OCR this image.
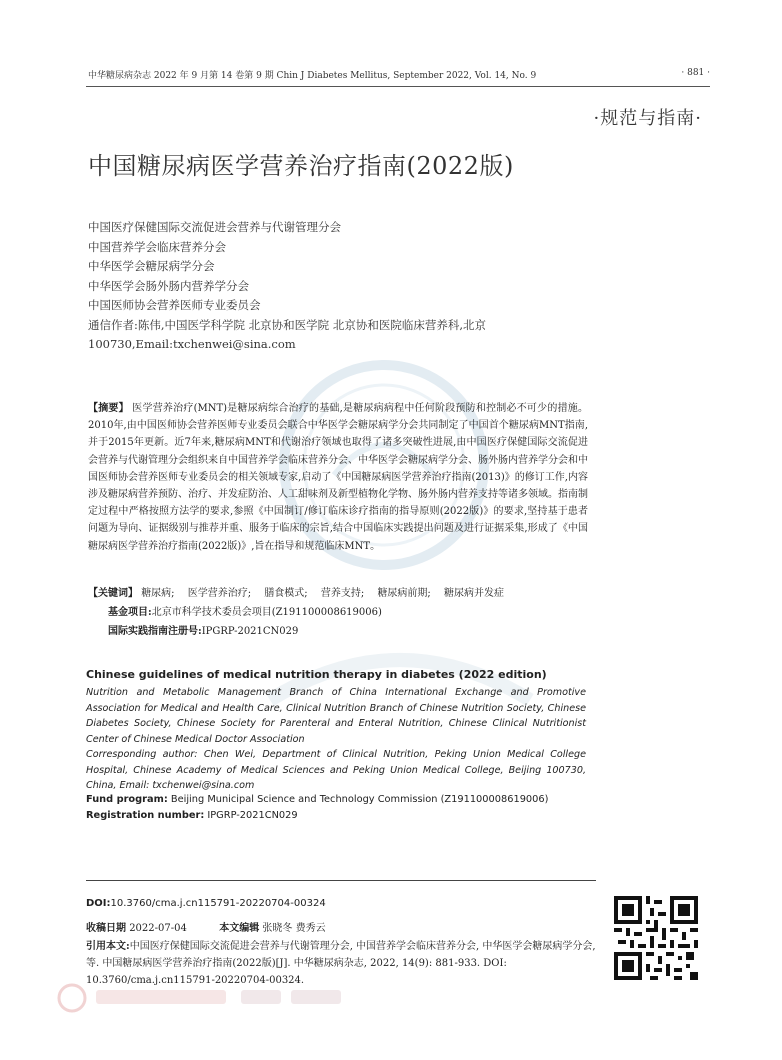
中华糖尿病杂志 2022 年 9 月第 14 卷第 9 期 Chin J Diabetes Mellitus, September 2022, Vol. 14, No. 9	· 881 ·
·规范与指南·
中国糖尿病医学营养治疗指南(2022版)
中国医疗保健国际交流促进会营养与代谢管理分会
中国营养学会临床营养分会
中华医学会糖尿病学分会
中华医学会肠外肠内营养学分会
中国医师协会营养医师专业委员会
通信作者:陈伟,中国医学科学院 北京协和医学院 北京协和医院临床营养科,北京 100730,Email:txchenwei@sina.com
【摘要】 医学营养治疗(MNT)是糖尿病综合治疗的基础,是糖尿病病程中任何阶段预防和控制必不可少的措施。2010年,由中国医师协会营养医师专业委员会联合中华医学会糖尿病学分会共同制定了中国首个糖尿病MNT指南,并于2015年更新。近7年来,糖尿病MNT和代谢治疗领域也取得了诸多突破性进展,由中国医疗保健国际交流促进会营养与代谢管理分会组织来自中国营养学会临床营养分会、中华医学会糖尿病学分会、肠外肠内营养学分会和中国医师协会营养医师专业委员会的相关领域专家,启动了《中国糖尿病医学营养治疗指南(2013)》的修订工作,内容涉及糖尿病营养预防、治疗、并发症防治、人工甜味剂及新型植物化学物、肠外肠内营养支持等诸多领域。指南制定过程中严格按照方法学的要求,参照《中国制订/修订临床诊疗指南的指导原则(2022版)》的要求,坚持基于患者问题为导向、证据级别与推荐并重、服务于临床的宗旨,结合中国临床实践提出问题及进行证据采集,形成了《中国糖尿病医学营养治疗指南(2022版)》,旨在指导和规范临床MNT。
【关键词】 糖尿病; 医学营养治疗; 膳食模式; 营养支持; 糖尿病前期; 糖尿病并发症
基金项目:北京市科学技术委员会项目(Z191100008619006)
国际实践指南注册号:IPGRP-2021CN029
Chinese guidelines of medical nutrition therapy in diabetes (2022 edition)
Nutrition and Metabolic Management Branch of China International Exchange and Promotive Association for Medical and Health Care, Clinical Nutrition Branch of Chinese Nutrition Society, Chinese Diabetes Society, Chinese Society for Parenteral and Enteral Nutrition, Chinese Clinical Nutritionist Center of Chinese Medical Doctor Association
Corresponding author: Chen Wei, Department of Clinical Nutrition, Peking Union Medical College Hospital, Chinese Academy of Medical Sciences and Peking Union Medical College, Beijing 100730, China, Email: txchenwei@sina.com
Fund program: Beijing Municipal Science and Technology Commission (Z191100008619006)
Registration number: IPGRP-2021CN029
DOI:10.3760/cma.j.cn115791-20220704-00324
收稿日期 2022-07-04	本文编辑 张晓冬 费秀云
引用本文:中国医疗保健国际交流促进会营养与代谢管理分会, 中国营养学会临床营养分会, 中华医学会糖尿病学分会, 等. 中国糖尿病医学营养治疗指南(2022版)[J]. 中华糖尿病杂志, 2022, 14(9): 881-933. DOI: 10.3760/cma.j.cn115791-20220704-00324.
